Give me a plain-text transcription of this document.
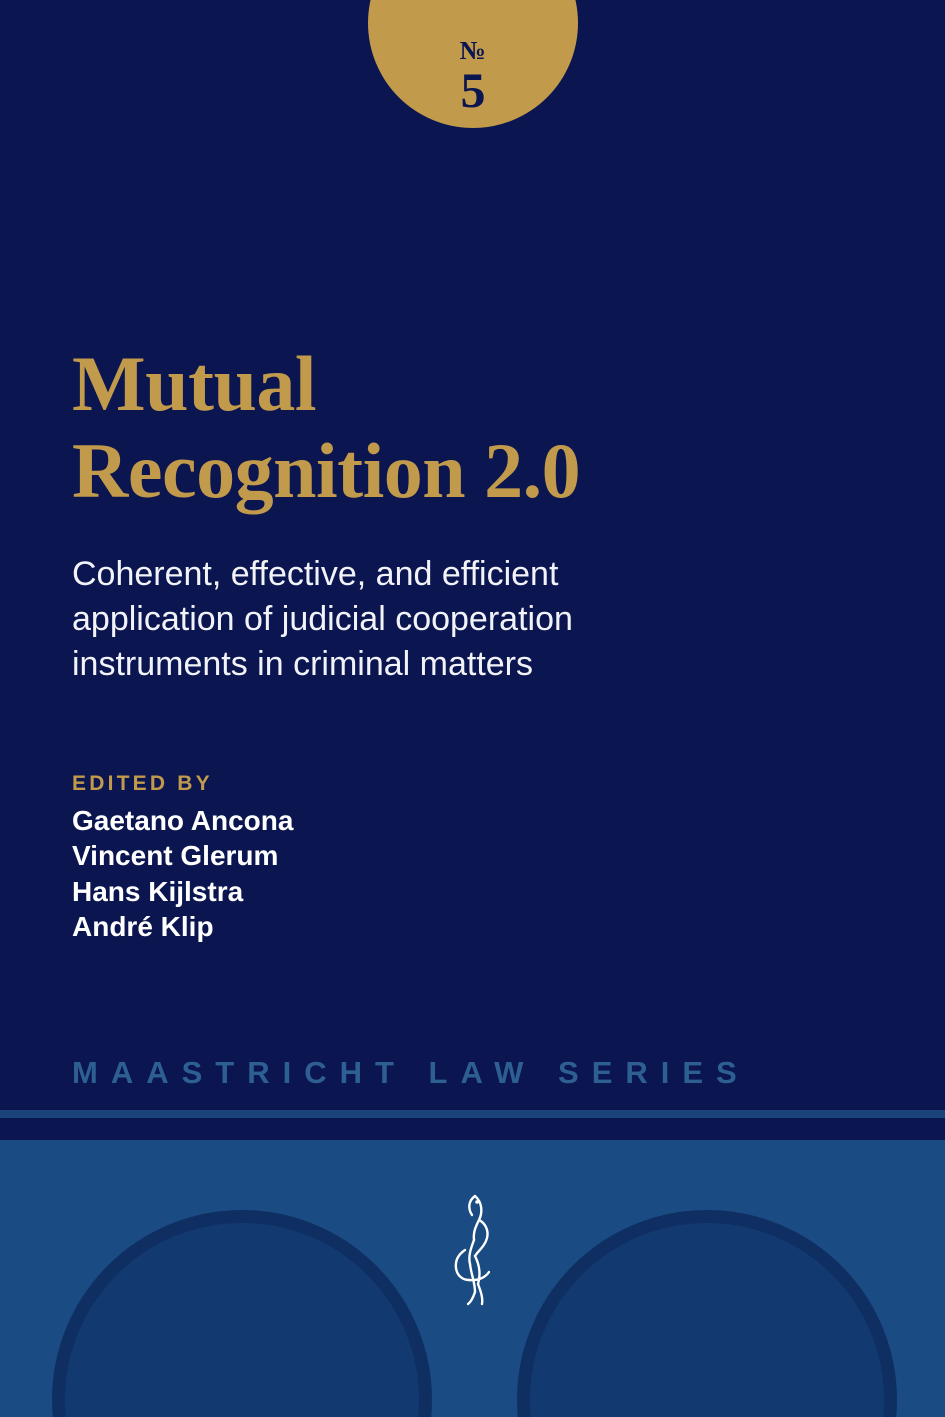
№
5
Mutual
Recognition 2.0
Coherent, effective, and efficient application of judicial cooperation instruments in criminal matters
EDITED BY
Gaetano Ancona
Vincent Glerum
Hans Kijlstra
André Klip
MAASTRICHT LAW SERIES
